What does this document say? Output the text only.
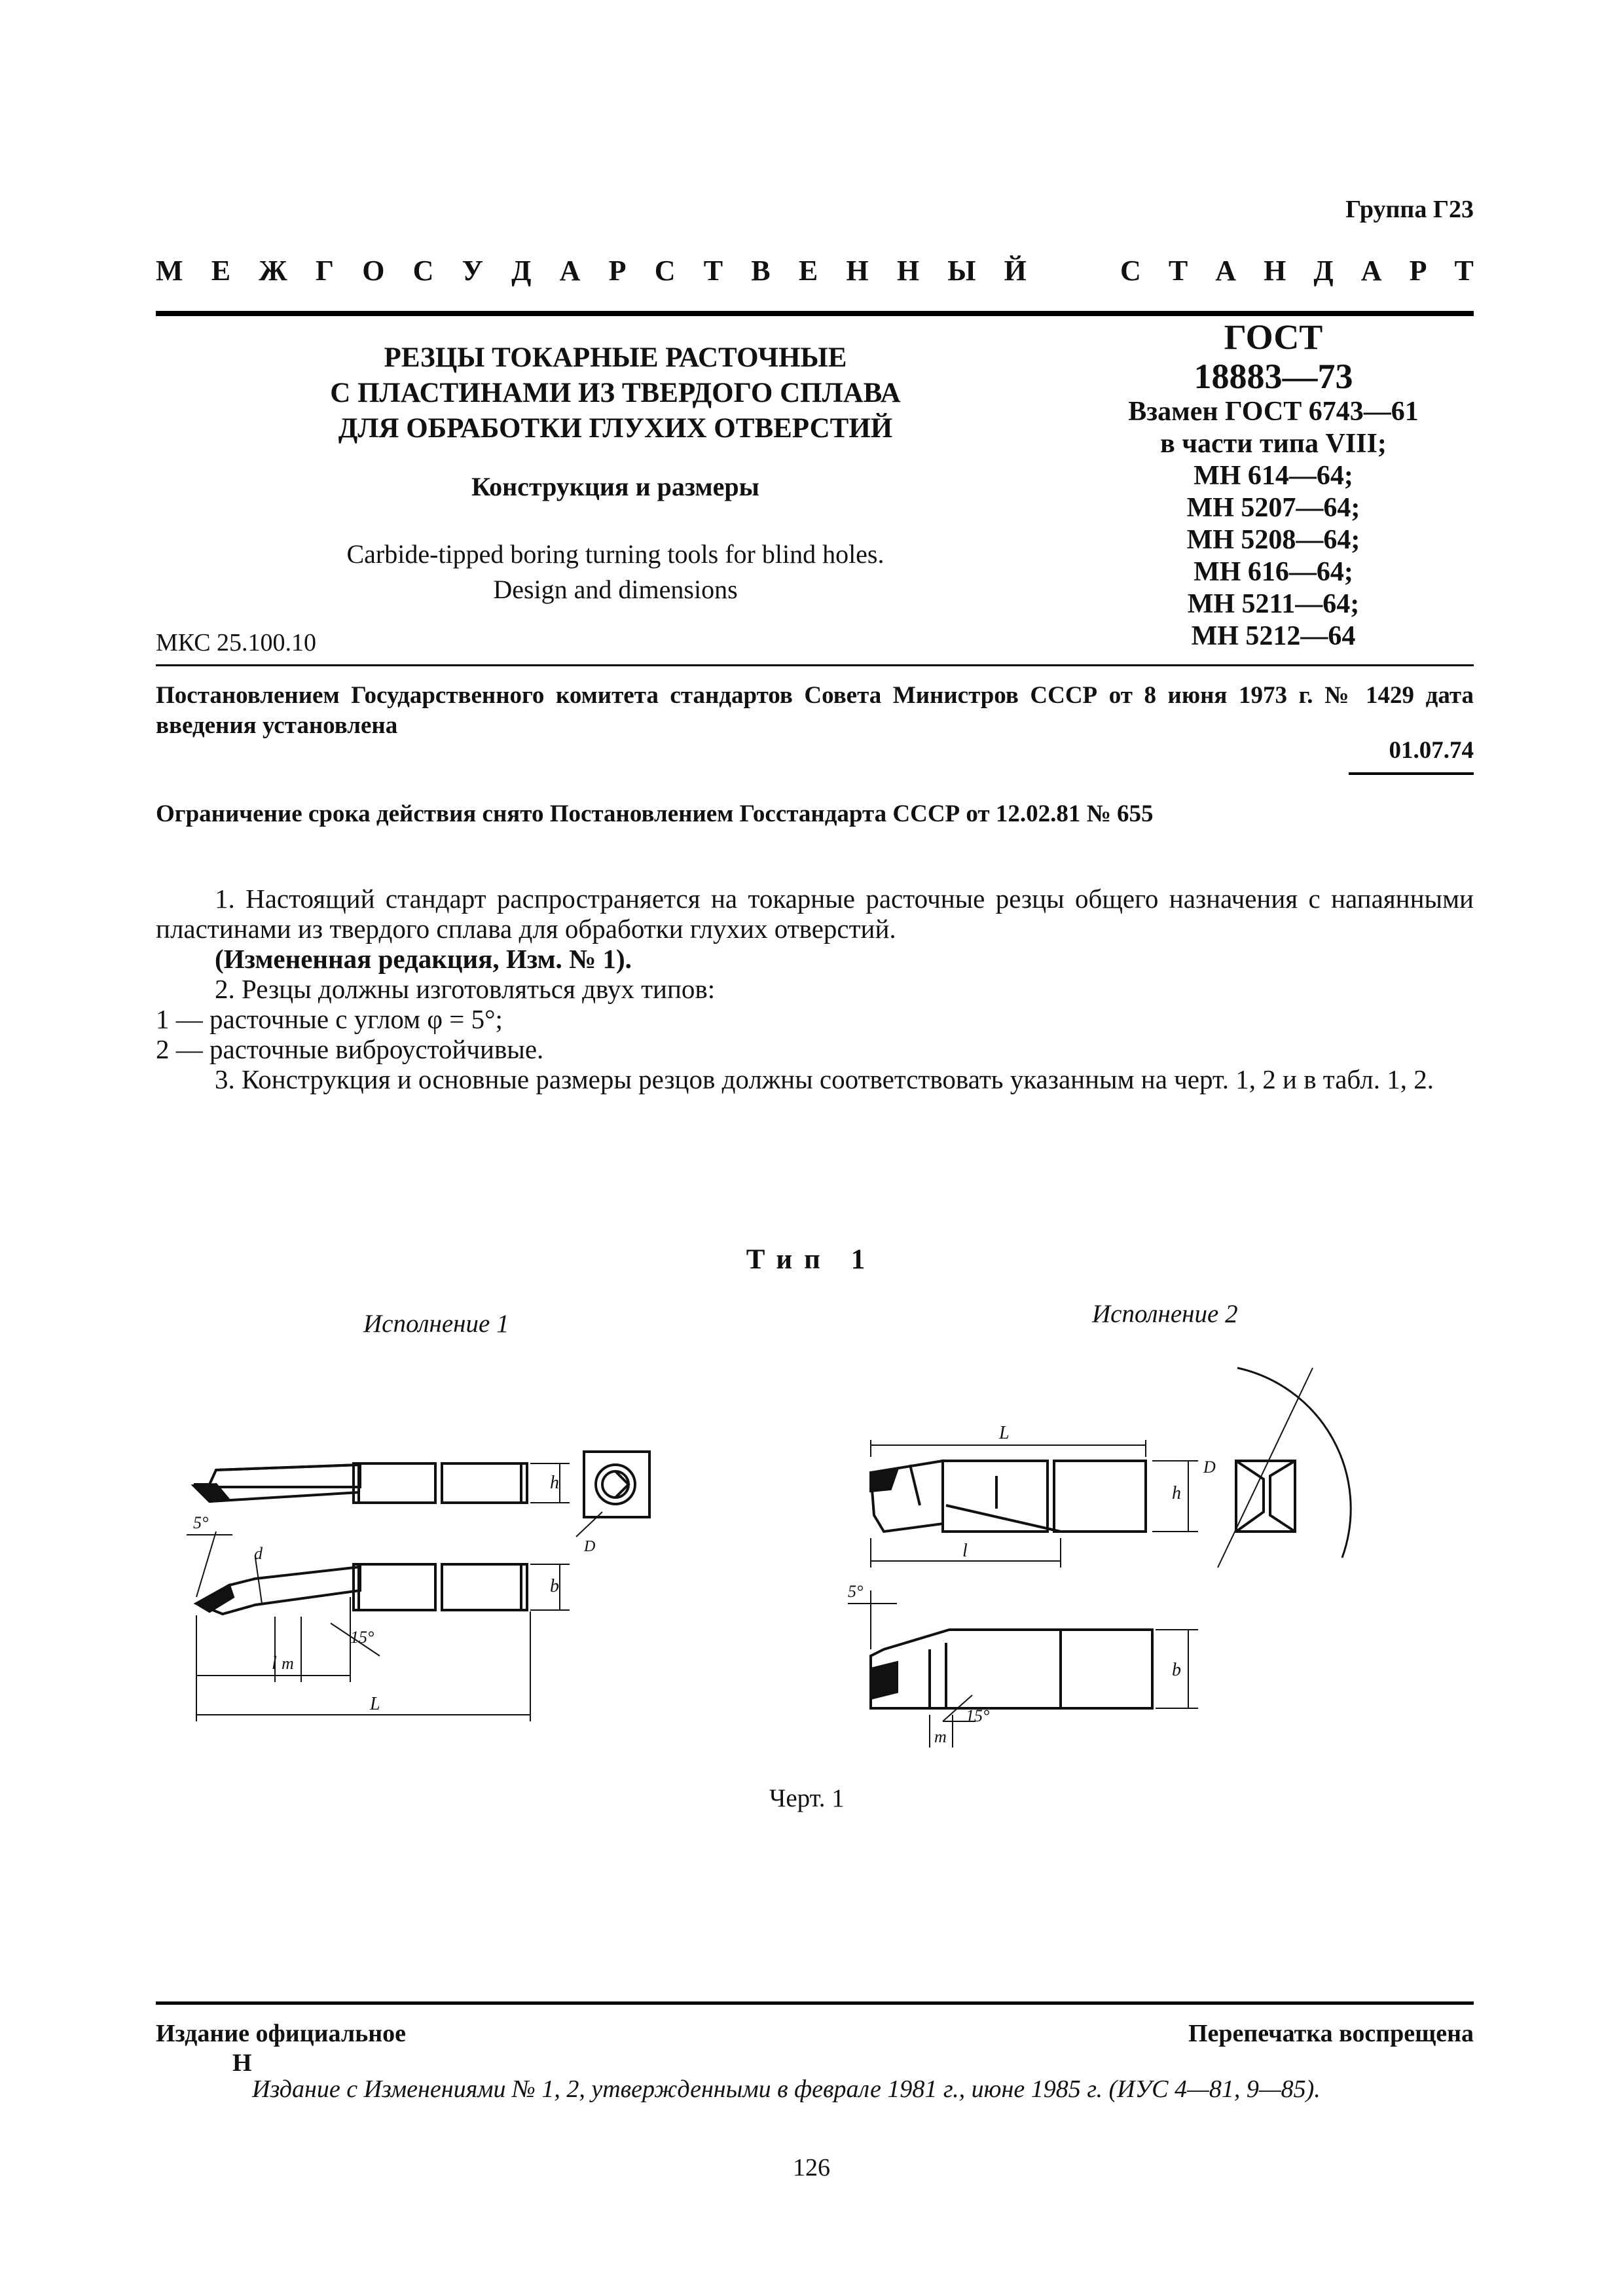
Группа Г23
М Е Ж Г О С У Д А Р С Т В Е Н Н Ы Й	С Т А Н Д А Р Т
РЕЗЦЫ ТОКАРНЫЕ РАСТОЧНЫЕ
С ПЛАСТИНАМИ ИЗ ТВЕРДОГО СПЛАВА
ДЛЯ ОБРАБОТКИ ГЛУХИХ ОТВЕРСТИЙ
Конструкция и размеры
Carbide-tipped boring turning tools for blind holes.
Design and dimensions
МКС 25.100.10
ГОСТ
18883—73
Взамен ГОСТ 6743—61
в части типа VIII;
МН 614—64;
МН 5207—64;
МН 5208—64;
МН 616—64;
МН 5211—64;
МН 5212—64
Постановлением Государственного комитета стандартов Совета Министров СССР от 8 июня 1973 г. № 1429 дата введения установлена
01.07.74
Ограничение срока действия снято Постановлением Госстандарта СССР от 12.02.81 № 655

1. Настоящий стандарт распространяется на токарные расточные резцы общего назначения с напаянными пластинами из твердого сплава для обработки глухих отверстий.

(Измененная редакция, Изм. № 1).

2. Резцы должны изготовляться двух типов:

1 — расточные с углом φ = 5°;

2 — расточные виброустойчивые.

3. Конструкция и основные размеры резцов должны соответствовать указанным на черт. 1, 2 и в табл. 1, 2.

Тип 1
Исполнение 1	Исполнение 2
h
b
D
d
l
L
m
5°
15°
L
l
h
D
b
5°
m
15°
Черт. 1
Издание официальное	Перепечатка воспрещена
Н
Издание с Изменениями № 1, 2, утвержденными в феврале 1981 г., июне 1985 г. (ИУС 4—81, 9—85).
126
